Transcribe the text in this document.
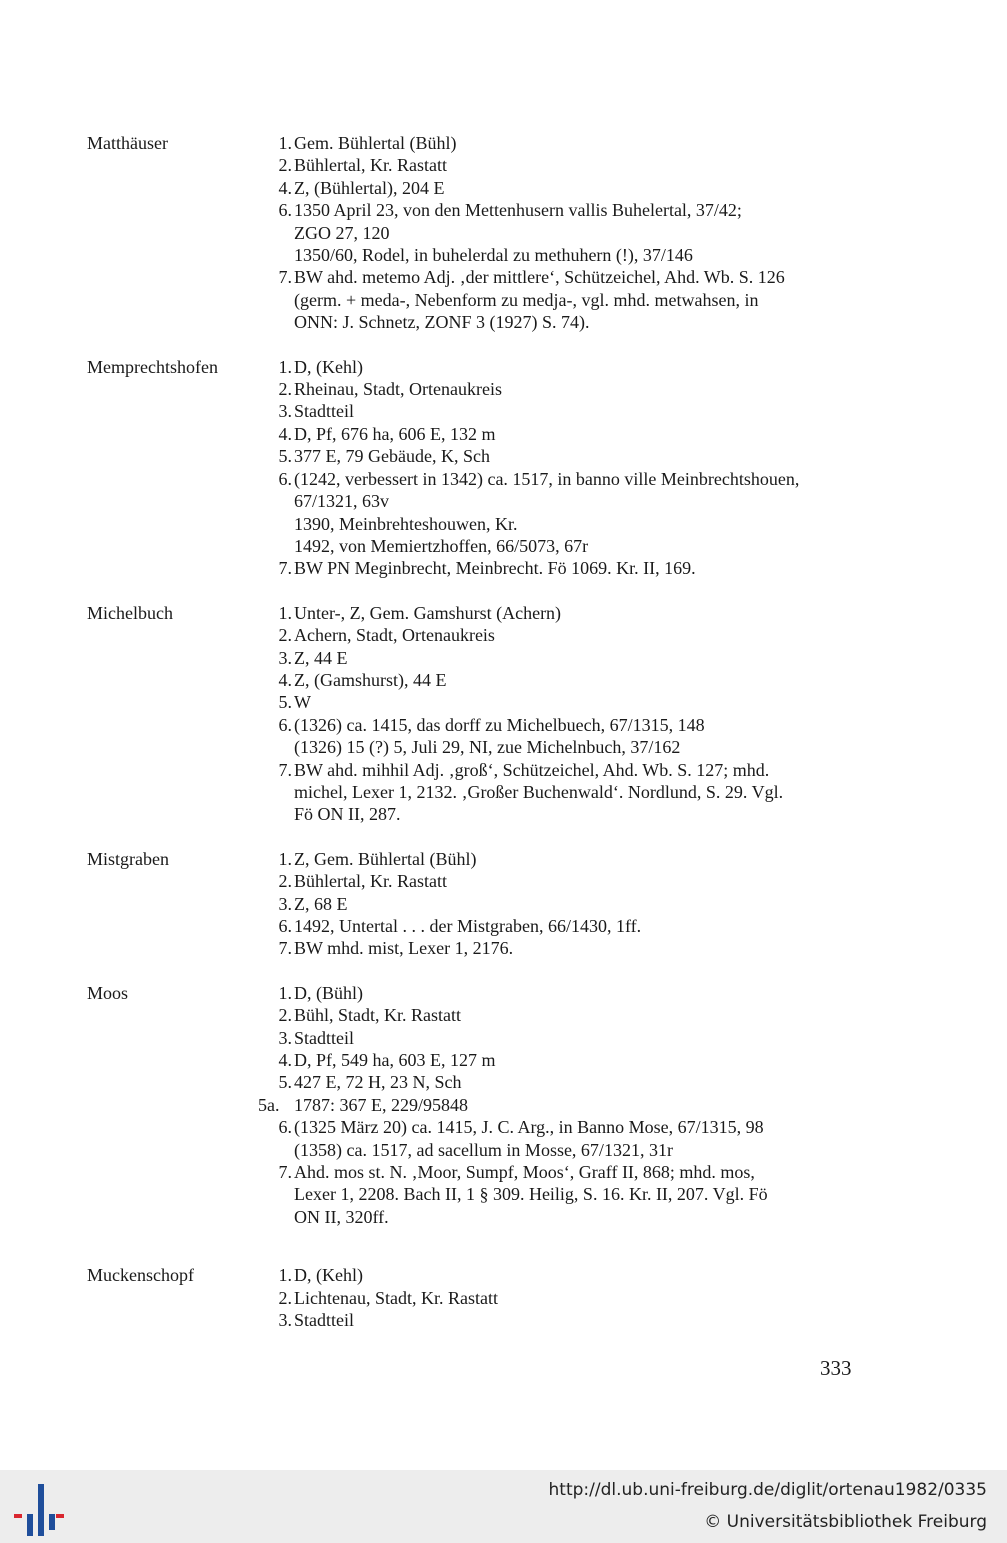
Matthäuser	1. Gem. Bühlertal (Bühl)
2. Bühlertal, Kr. Rastatt
4. Z, (Bühlertal), 204 E
6. 1350 April 23, von den Mettenhusern vallis Buhelertal, 37/42;
ZGO 27, 120
1350/60, Rodel, in buhelerdal zu methuhern (!), 37/146
7. BW ahd. metemo Adj. ‚der mittlere‘, Schützeichel, Ahd. Wb. S. 126
(germ. + meda-, Nebenform zu medja-, vgl. mhd. metwahsen, in
ONN: J. Schnetz, ZONF 3 (1927) S. 74).
Memprechtshofen	1. D, (Kehl)
2. Rheinau, Stadt, Ortenaukreis
3. Stadtteil
4. D, Pf, 676 ha, 606 E, 132 m
5. 377 E, 79 Gebäude, K, Sch
6. (1242, verbessert in 1342) ca. 1517, in banno ville Meinbrechtshouen,
67/1321, 63v
1390, Meinbrehteshouwen, Kr.
1492, von Memiertzhoffen, 66/5073, 67r
7. BW PN Meginbrecht, Meinbrecht. Fö 1069. Kr. II, 169.
Michelbuch	1. Unter-, Z, Gem. Gamshurst (Achern)
2. Achern, Stadt, Ortenaukreis
3. Z, 44 E
4. Z, (Gamshurst), 44 E
5. W
6. (1326) ca. 1415, das dorff zu Michelbuech, 67/1315, 148
(1326) 15 (?) 5, Juli 29, NI, zue Michelnbuch, 37/162
7. BW ahd. mihhil Adj. ‚groß‘, Schützeichel, Ahd. Wb. S. 127; mhd.
michel, Lexer 1, 2132. ‚Großer Buchenwald‘. Nordlund, S. 29. Vgl.
Fö ON II, 287.
Mistgraben	1. Z, Gem. Bühlertal (Bühl)
2. Bühlertal, Kr. Rastatt
3. Z, 68 E
6. 1492, Untertal . . . der Mistgraben, 66/1430, 1ff.
7. BW mhd. mist, Lexer 1, 2176.
Moos	1. D, (Bühl)
2. Bühl, Stadt, Kr. Rastatt
3. Stadtteil
4. D, Pf, 549 ha, 603 E, 127 m
5. 427 E, 72 H, 23 N, Sch
5a. 1787: 367 E, 229/95848
6. (1325 März 20) ca. 1415, J. C. Arg., in Banno Mose, 67/1315, 98
(1358) ca. 1517, ad sacellum in Mosse, 67/1321, 31r
7. Ahd. mos st. N. ‚Moor, Sumpf, Moos‘, Graff II, 868; mhd. mos,
Lexer 1, 2208. Bach II, 1 § 309. Heilig, S. 16. Kr. II, 207. Vgl. Fö
ON II, 320ff.
Muckenschopf	1. D, (Kehl)
2. Lichtenau, Stadt, Kr. Rastatt
3. Stadtteil
333
http://dl.ub.uni-freiburg.de/diglit/ortenau1982/0335
© Universitätsbibliothek Freiburg
